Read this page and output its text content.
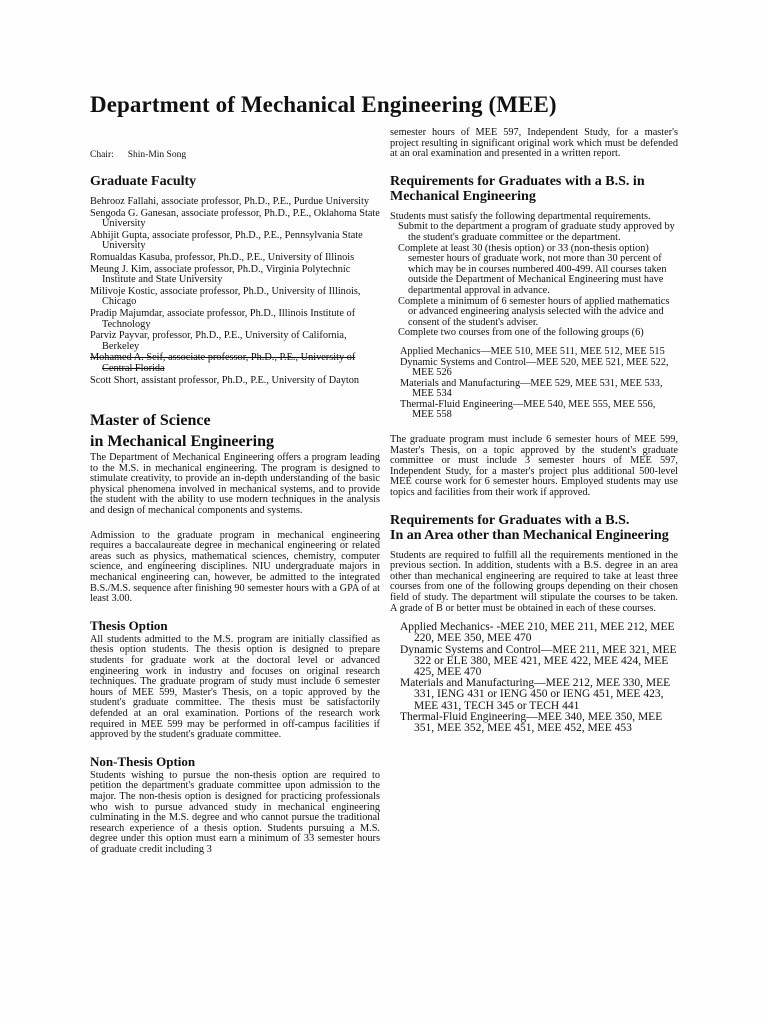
Department of Mechanical Engineering (MEE)
Chair: Shin-Min Song
Graduate Faculty

Behrooz Fallahi, associate professor, Ph.D., P.E., Purdue University

Sengoda G. Ganesan, associate professor, Ph.D., P.E., Oklahoma State University

Abhijit Gupta, associate professor, Ph.D., P.E., Pennsylvania State University

Romualdas Kasuba, professor, Ph.D., P.E., University of Illinois

Meung J. Kim, associate professor, Ph.D., Virginia Polytechnic Institute and State University

Milivoje Kostic, associate professor, Ph.D., University of Illinois, Chicago

Pradip Majumdar, associate professor, Ph.D., Illinois Institute of Technology

Parviz Payvar, professor, Ph.D., P.E., University of California, Berkeley

Mohamed A. Seif, associate professor, Ph.D., P.E., University of Central Florida

Scott Short, assistant professor, Ph.D., P.E., University of Dayton

Master of Science
in Mechanical Engineering

The Department of Mechanical Engineering offers a program leading to the M.S. in mechanical engineering. The program is designed to stimulate creativity, to provide an in-depth understanding of the basic physical phenomena involved in mechanical systems, and to provide the student with the ability to use modern techniques in the analysis and design of mechanical components and systems.

Admission to the graduate program in mechanical engineering requires a baccalaureate degree in mechanical engineering or related areas such as physics, mathematical sciences, chemistry, computer science, and engineering disciplines. NIU undergraduate majors in mechanical engineering can, however, be admitted to the integrated B.S./M.S. sequence after finishing 90 semester hours with a GPA of at least 3.00.

Thesis Option

All students admitted to the M.S. program are initially classified as thesis option students. The thesis option is designed to prepare students for graduate work at the doctoral level or advanced engineering work in industry and focuses on original research techniques. The graduate program of study must include 6 semester hours of MEE 599, Master's Thesis, on a topic approved by the student's graduate committee. The thesis must be satisfactorily defended at an oral examination. Portions of the research work required in MEE 599 may be performed in off-campus facilities if approved by the student's graduate committee.

Non-Thesis Option

Students wishing to pursue the non-thesis option are required to petition the department's graduate committee upon admission to the major. The non-thesis option is designed for practicing professionals who wish to pursue advanced study in mechanical engineering culminating in the M.S. degree and who cannot pursue the traditional research experience of a thesis option. Students pursuing a M.S. degree under this option must earn a minimum of 33 semester hours of graduate credit including 3

semester hours of MEE 597, Independent Study, for a master's project resulting in significant original work which must be defended at an oral examination and presented in a written report.

Requirements for Graduates with a B.S. in Mechanical Engineering

Students must satisfy the following departmental requirements.

Submit to the department a program of graduate study approved by the student's graduate committee or the department.

Complete at least 30 (thesis option) or 33 (non-thesis option) semester hours of graduate work, not more than 30 percent of which may be in courses numbered 400-499. All courses taken outside the Department of Mechanical Engineering must have departmental approval in advance.

Complete a minimum of 6 semester hours of applied mathematics or advanced engineering analysis selected with the advice and consent of the student's adviser.

Complete two courses from one of the following groups (6)

Applied Mechanics—MEE 510, MEE 511, MEE 512, MEE 515

Dynamic Systems and Control—MEE 520, MEE 521, MEE 522, MEE 526

Materials and Manufacturing—MEE 529, MEE 531, MEE 533, MEE 534

Thermal-Fluid Engineering—MEE 540, MEE 555, MEE 556, MEE 558

The graduate program must include 6 semester hours of MEE 599, Master's Thesis, on a topic approved by the student's graduate committee or must include 3 semester hours of MEE 597, Independent Study, for a master's project plus additional 500-level MEE course work for 6 semester hours. Employed students may use topics and facilities from their work if approved.

Requirements for Graduates with a B.S.
In an Area other than Mechanical Engineering

Students are required to fulfill all the requirements mentioned in the previous section. In addition, students with a B.S. degree in an area other than mechanical engineering are required to take at least three courses from one of the following groups depending on their chosen field of study. The department will stipulate the courses to be taken. A grade of B or better must be obtained in each of these courses.

Applied Mechanics- -MEE 210, MEE 211, MEE 212, MEE 220, MEE 350, MEE 470

Dynamic Systems and Control—MEE 211, MEE 321, MEE 322 or ELE 380, MEE 421, MEE 422, MEE 424, MEE 425, MEE 470

Materials and Manufacturing—MEE 212, MEE 330, MEE 331, IENG 431 or IENG 450 or IENG 451, MEE 423, MEE 431, TECH 345 or TECH 441

Thermal-Fluid Engineering—MEE 340, MEE 350, MEE 351, MEE 352, MEE 451, MEE 452, MEE 453
